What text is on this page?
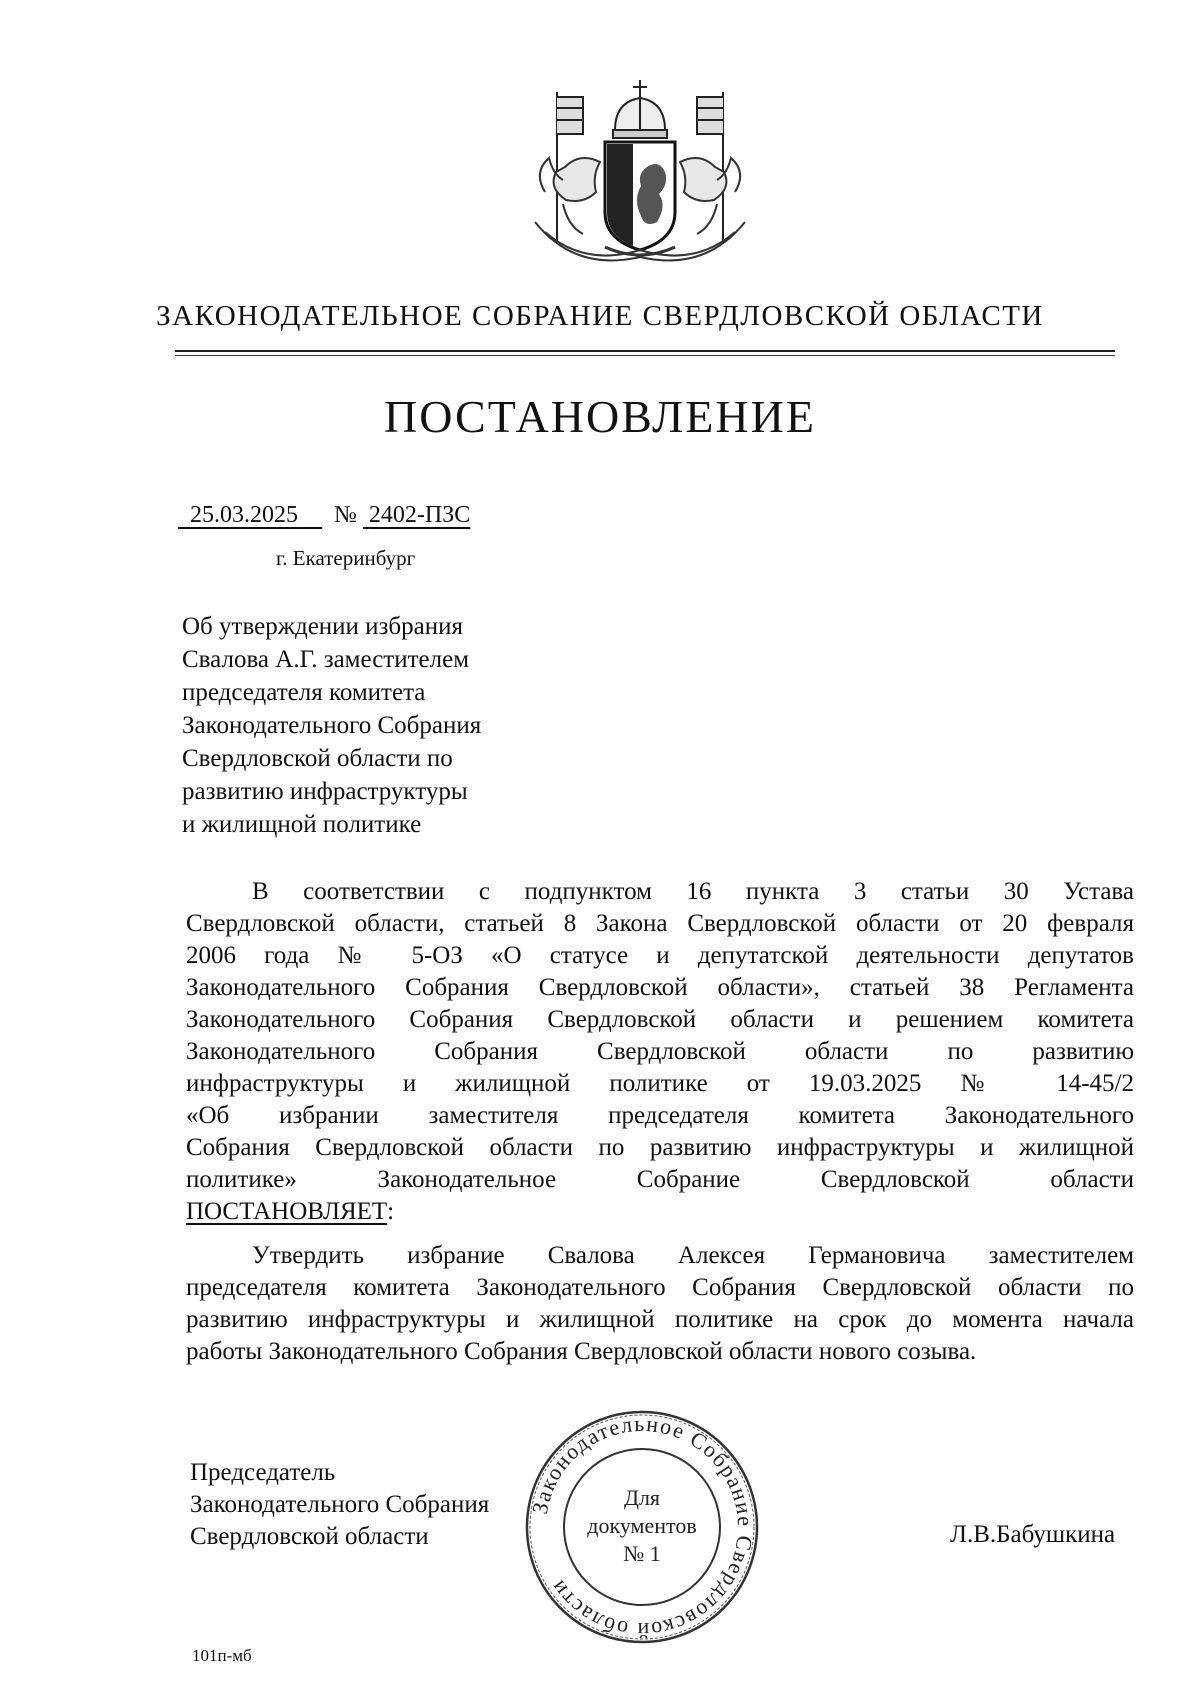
ЗАКОНОДАТЕЛЬНОЕ СОБРАНИЕ СВЕРДЛОВСКОЙ ОБЛАСТИ
ПОСТАНОВЛЕНИЕ
25.03.2025 № 2402-ПЗС
г. Екатеринбург
Об утверждении избрания
Свалова А.Г. заместителем
председателя комитета
Законодательного Собрания
Свердловской области по
развитию инфраструктуры
и жилищной политике
В соответствии с подпунктом 16 пункта 3 статьи 30 Устава
Свердловской области, статьей 8 Закона Свердловской области от 20 февраля
2006 года № 5-ОЗ «О статусе и депутатской деятельности депутатов
Законодательного Собрания Свердловской области», статьей 38 Регламента
Законодательного Собрания Свердловской области и решением комитета
Законодательного Собрания Свердловской области по развитию
инфраструктуры и жилищной политике от 19.03.2025 № 14-45/2
«Об избрании заместителя председателя комитета Законодательного
Собрания Свердловской области по развитию инфраструктуры и жилищной
политике» Законодательное Собрание Свердловской области
ПОСТАНОВЛЯЕТ:
Утвердить избрание Свалова Алексея Германовича заместителем
председателя комитета Законодательного Собрания Свердловской области по
развитию инфраструктуры и жилищной политике на срок до момента начала
работы Законодательного Собрания Свердловской области нового созыва.
Председатель
Законодательного Собрания
Свердловской области
Законодательное Собрание Свердловской области
Для
документов
№ 1
Л.В.Бабушкина
101п-мб
